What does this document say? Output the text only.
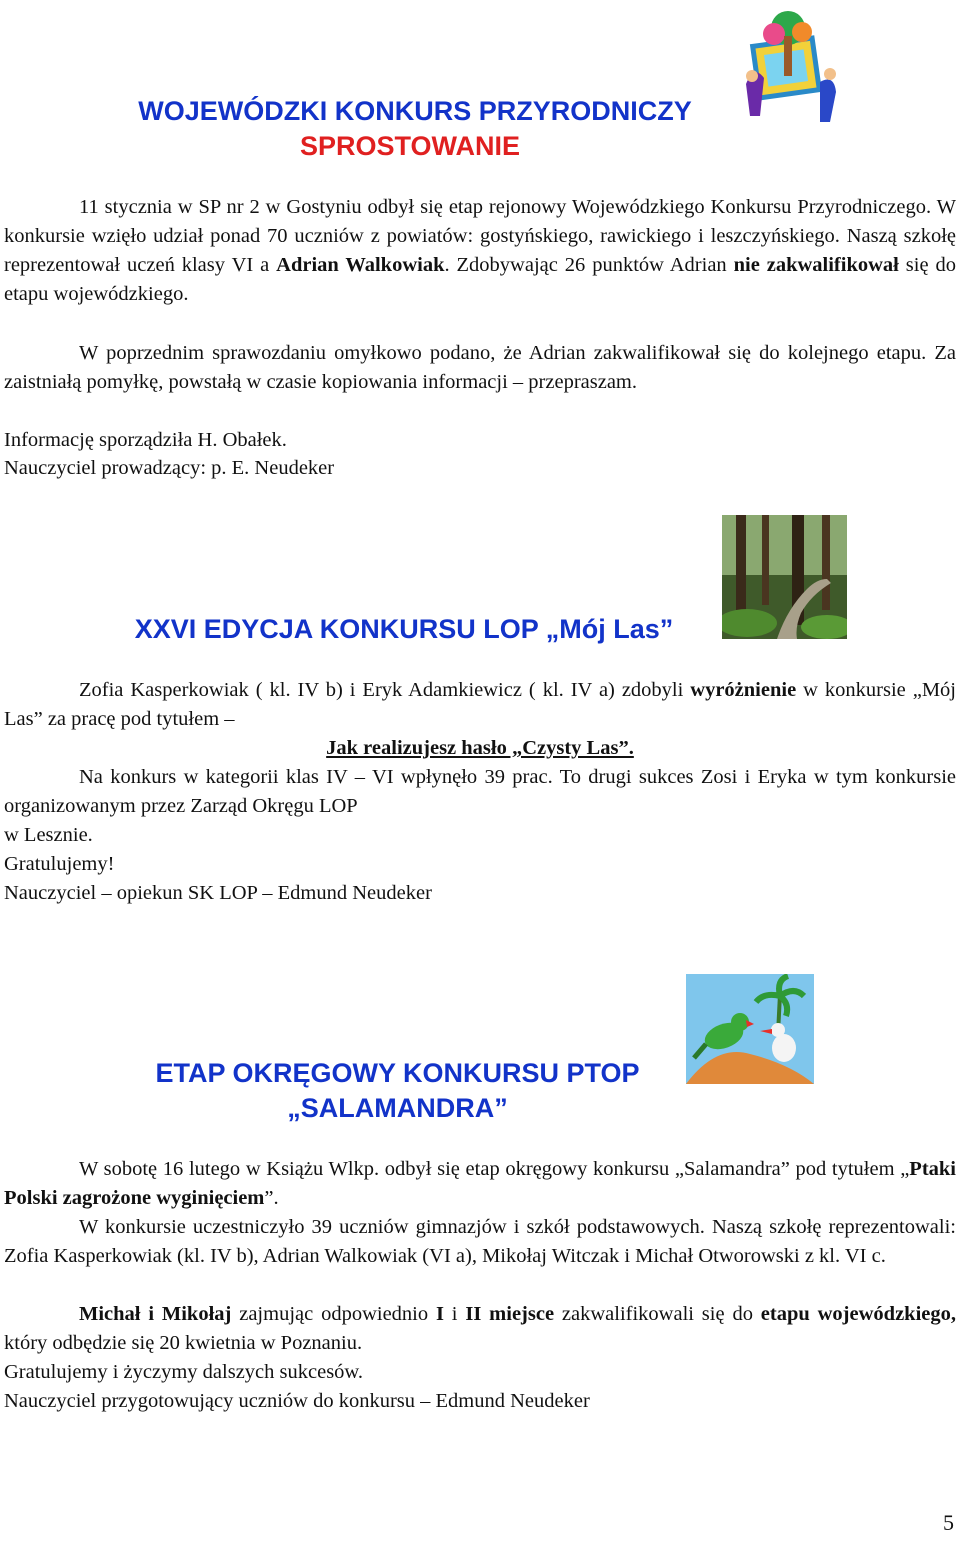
WOJEWÓDZKI KONKURS PRZYRODNICZY
SPROSTOWANIE
11 stycznia w SP nr 2 w Gostyniu odbył się etap rejonowy Wojewódzkiego Konkursu Przyrodniczego. W konkursie wzięło udział ponad 70 uczniów z powiatów: gostyńskiego, rawickiego i leszczyńskiego. Naszą szkołę reprezentował uczeń klasy VI a Adrian Walkowiak. Zdobywając 26 punktów Adrian nie zakwalifikował się do etapu wojewódzkiego.
W poprzednim sprawozdaniu omyłkowo podano, że Adrian zakwalifikował się do kolejnego etapu. Za zaistniałą pomyłkę, powstałą w czasie kopiowania informacji – przepraszam.
Informację sporządziła H. Obałek.
Nauczyciel prowadzący: p. E. Neudeker
XXVI EDYCJA KONKURSU LOP „Mój Las”
Zofia Kasperkowiak ( kl. IV b) i Eryk Adamkiewicz ( kl. IV a) zdobyli wyróżnienie w konkursie „Mój Las” za pracę pod tytułem –
Jak realizujesz hasło „Czysty Las”.
Na konkurs w kategorii klas IV – VI wpłynęło 39 prac. To drugi sukces Zosi i Eryka w tym konkursie organizowanym przez Zarząd Okręgu LOP
w Lesznie.
Gratulujemy!
Nauczyciel – opiekun SK LOP – Edmund Neudeker
ETAP OKRĘGOWY KONKURSU PTOP
„SALAMANDRA”
W sobotę 16 lutego w Książu Wlkp. odbył się etap okręgowy konkursu „Salamandra” pod tytułem „Ptaki Polski zagrożone wyginięciem”.
W konkursie uczestniczyło 39 uczniów gimnazjów i szkół podstawowych. Naszą szkołę reprezentowali: Zofia Kasperkowiak (kl. IV b), Adrian Walkowiak (VI a), Mikołaj Witczak i Michał Otworowski z kl. VI c.
Michał i Mikołaj zajmując odpowiednio I i II miejsce zakwalifikowali się do etapu wojewódzkiego, który odbędzie się 20 kwietnia w Poznaniu.
Gratulujemy i życzymy dalszych sukcesów.
Nauczyciel przygotowujący uczniów do konkursu – Edmund Neudeker
5
